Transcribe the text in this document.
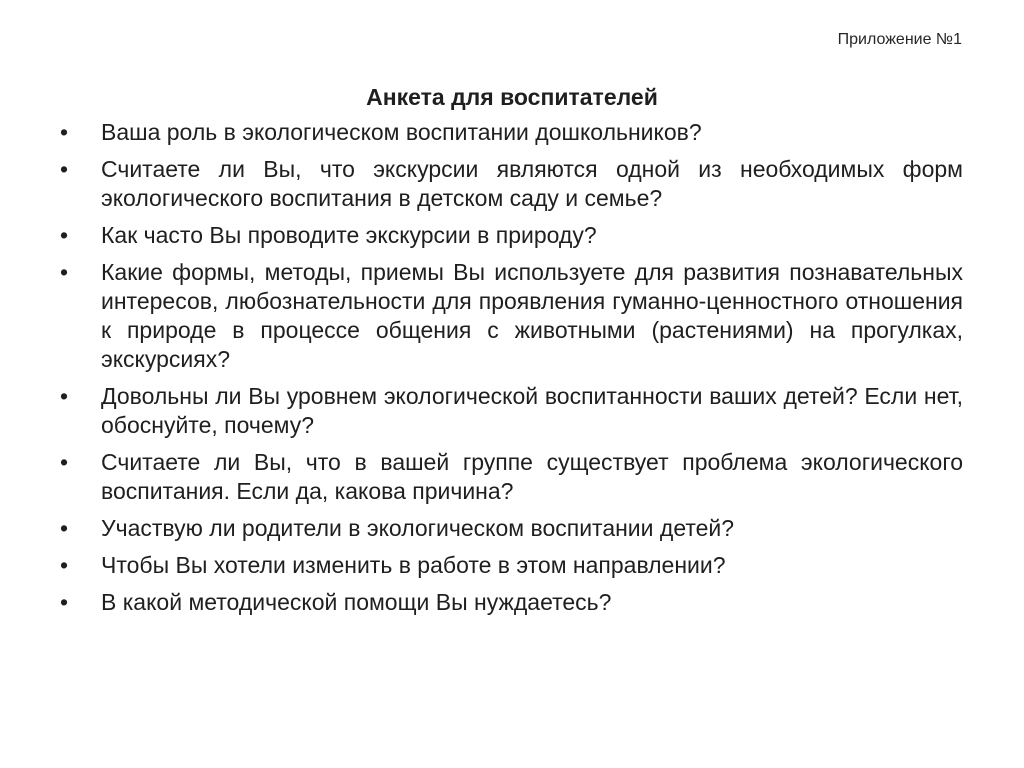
Приложение №1
Анкета для воспитателей
•	Ваша роль в экологическом воспитании дошкольников?
•	Считаете ли Вы, что экскурсии являются одной из необходимых форм экологического воспитания в детском саду и семье?
•	Как часто Вы проводите экскурсии в природу?
•	Какие формы, методы, приемы Вы используете для развития познавательных интересов, любознательности для проявления гуманно-ценностного отношения к природе в процессе общения с животными (растениями) на прогулках, экскурсиях?
•	Довольны ли Вы уровнем экологической воспитанности ваших детей? Если нет, обоснуйте, почему?
•	Считаете ли Вы, что в вашей группе существует проблема экологического воспитания. Если да, какова причина?
•	Участвую ли родители в экологическом воспитании детей?
•	Чтобы Вы хотели изменить в работе в этом направлении?
•	В какой методической помощи Вы нуждаетесь?
